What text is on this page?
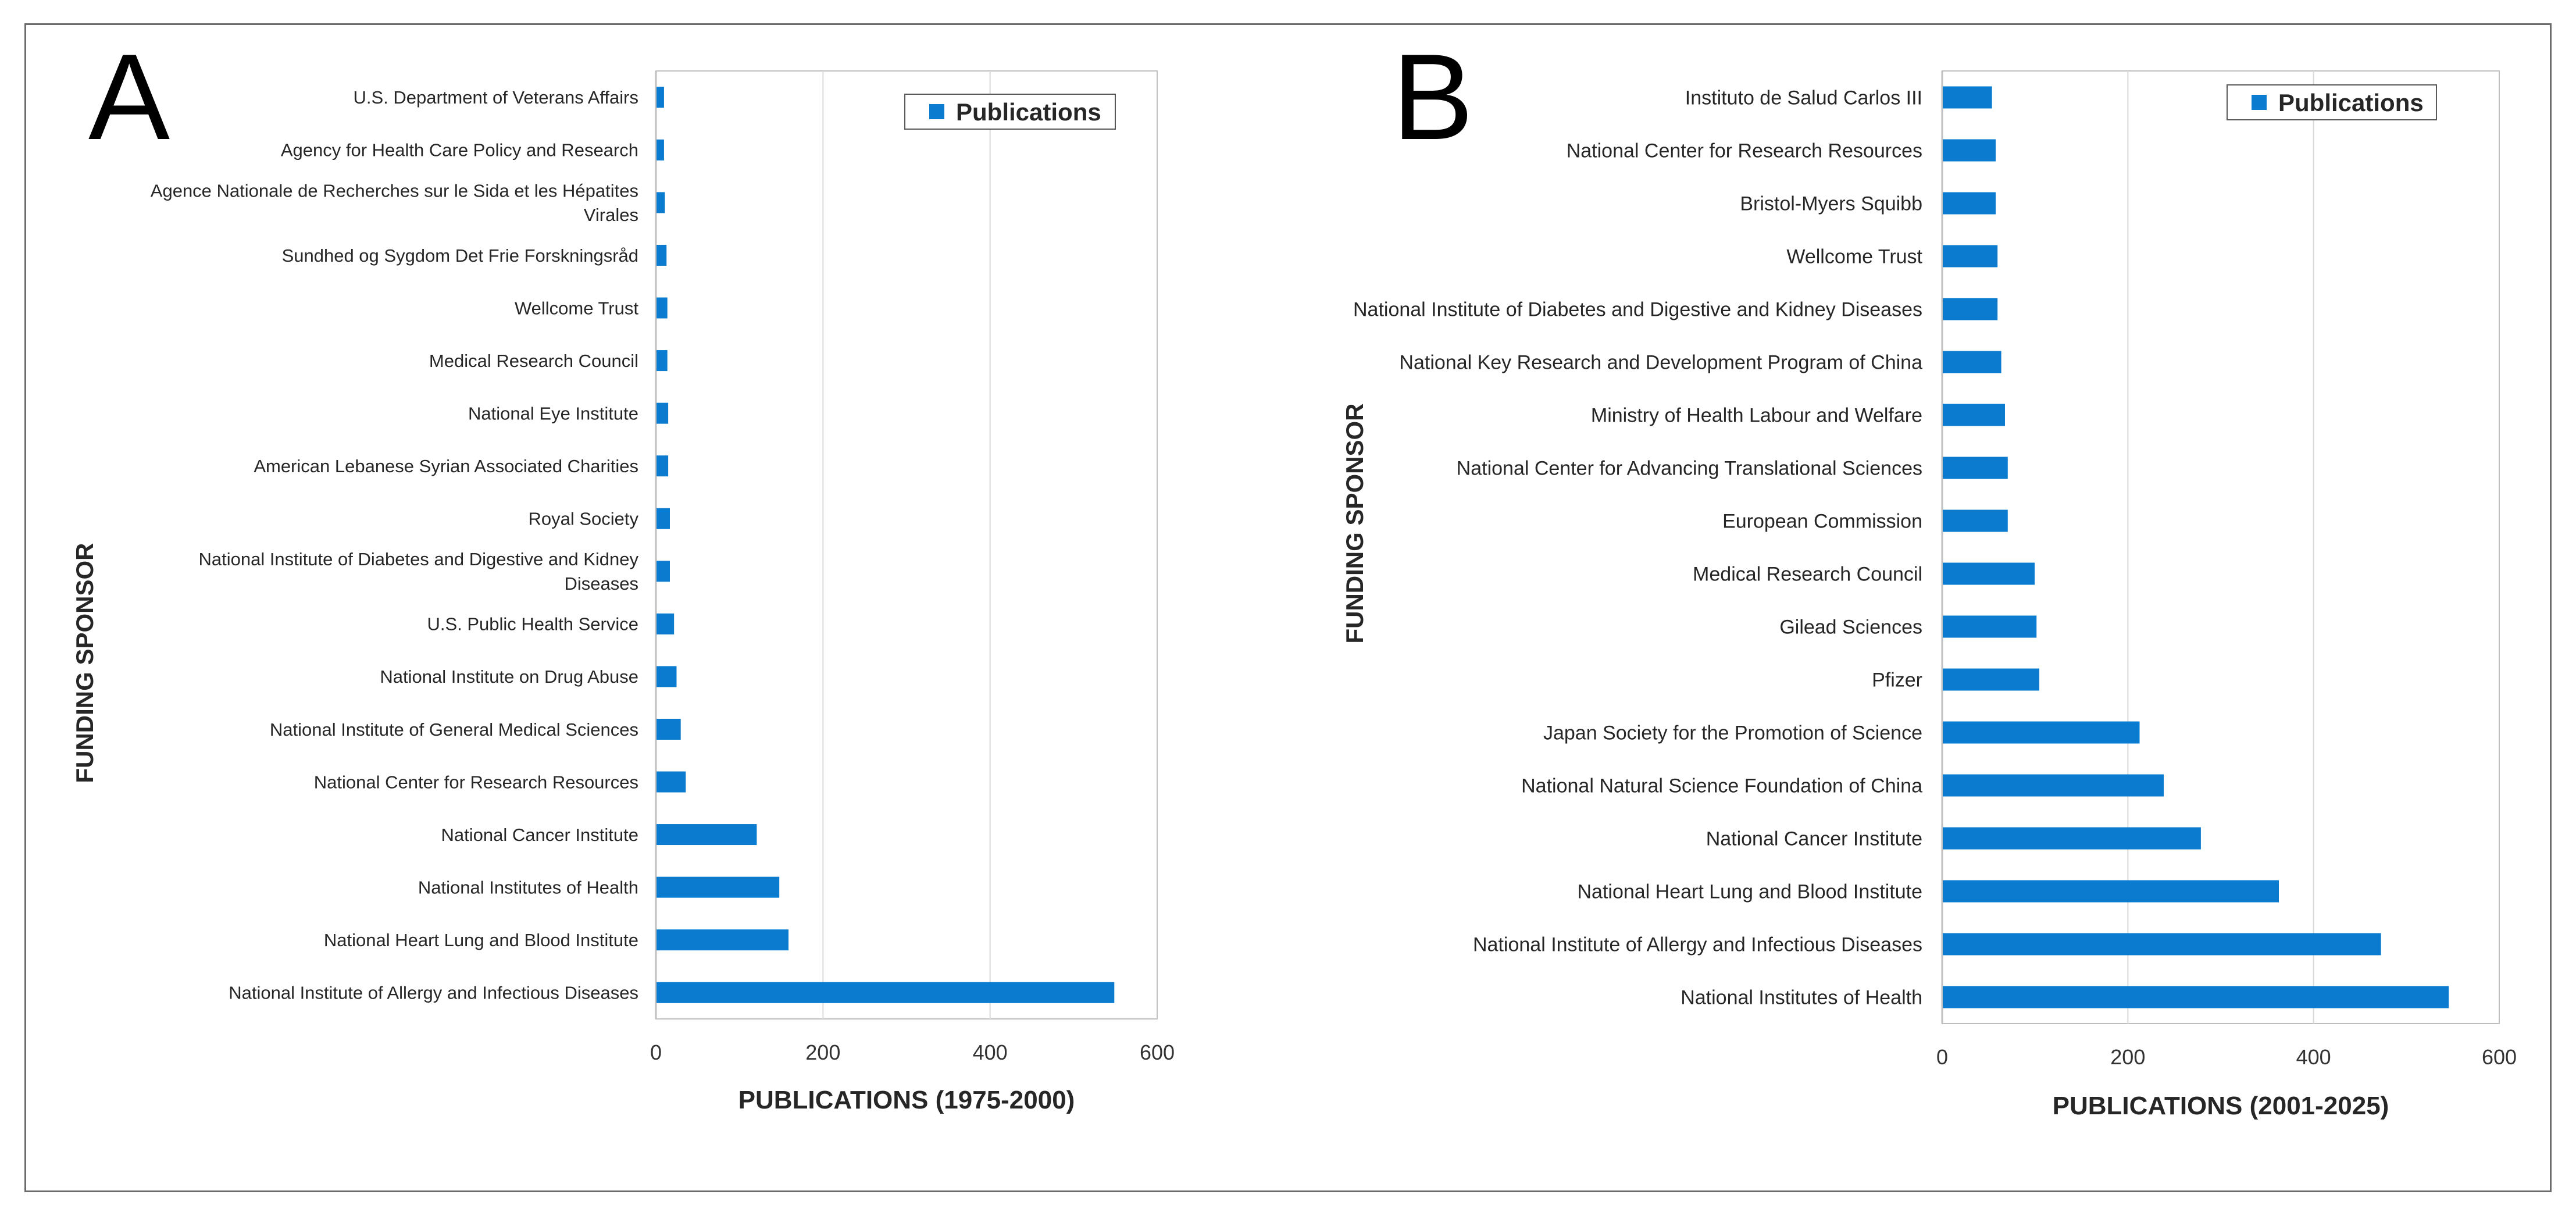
A	B
0	200	400	600
U.S. Department of Veterans Affairs
Agency for Health Care Policy and Research
Agence Nationale de Recherches sur le Sida et les Hépatites
Virales
Sundhed og Sygdom Det Frie Forskningsråd
Wellcome Trust
Medical Research Council
National Eye Institute
American Lebanese Syrian Associated Charities
Royal Society
National Institute of Diabetes and Digestive and Kidney
Diseases
U.S. Public Health Service
National Institute on Drug Abuse
National Institute of General Medical Sciences
National Center for Research Resources
National Cancer Institute
National Institutes of Health
National Heart Lung and Blood Institute
National Institute of Allergy and Infectious Diseases
PUBLICATIONS (1975-2000)
FUNDING SPONSOR
Publications
0	200	400	600
Instituto de Salud Carlos III
National Center for Research Resources
Bristol-Myers Squibb
Wellcome Trust
National Institute of Diabetes and Digestive and Kidney Diseases
National Key Research and Development Program of China
Ministry of Health Labour and Welfare
National Center for Advancing Translational Sciences
European Commission
Medical Research Council
Gilead Sciences
Pfizer
Japan Society for the Promotion of Science
National Natural Science Foundation of China
National Cancer Institute
National Heart Lung and Blood Institute
National Institute of Allergy and Infectious Diseases
National Institutes of Health
PUBLICATIONS (2001-2025)
FUNDING SPONSOR
Publications
